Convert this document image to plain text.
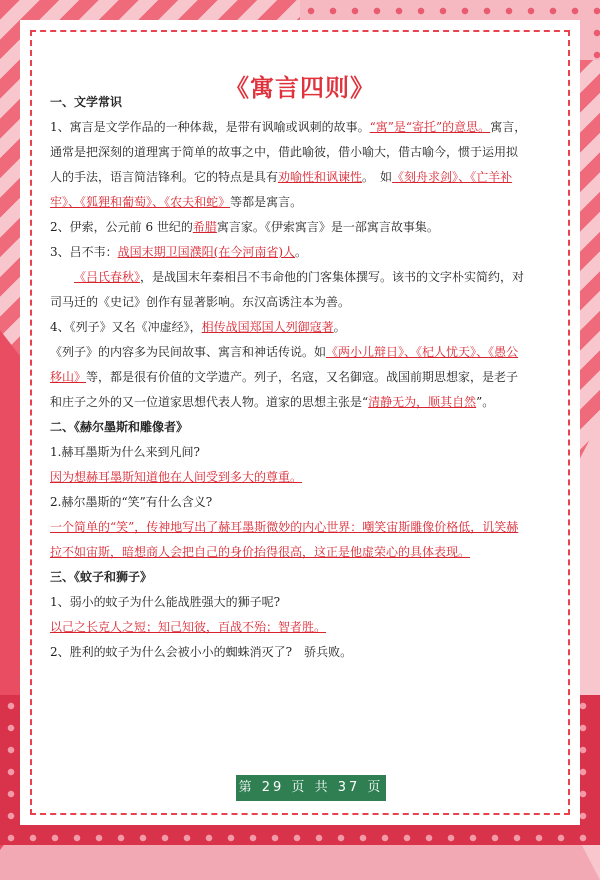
《寓言四则》

一、文学常识

1、寓言是文学作品的一种体裁，是带有讽喻或讽刺的故事。“寓”是“寄托”的意思。寓言，通常是把深刻的道理寓于简单的故事之中，借此喻彼，借小喻大，借古喻今，惯于运用拟人的手法，语言简洁锋利。它的特点是具有劝喻性和讽谏性。　如《刻舟求剑》、《亡羊补牢》、《狐狸和葡萄》、《农夫和蛇》等都是寓言。

2、伊索，公元前 6 世纪的希腊寓言家。《伊索寓言》是一部寓言故事集。

3、吕不韦：战国末期卫国濮阳(在今河南省)人。

《吕氏春秋》，是战国末年秦相吕不韦命他的门客集体撰写。该书的文字朴实简约，对司马迁的《史记》创作有显著影响。东汉高诱注本为善。

4、《列子》又名《冲虚经》，相传战国郑国人列御寇著。

《列子》的内容多为民间故事、寓言和神话传说。如《两小儿辩日》、《杞人忧天》、《愚公移山》等，都是很有价值的文学遗产。列子，名寇，又名御寇。战国前期思想家，是老子和庄子之外的又一位道家思想代表人物。道家的思想主张是“清静无为，顺其自然”。

二、《赫尔墨斯和雕像者》

1.赫耳墨斯为什么来到凡间?

因为想赫耳墨斯知道他在人间受到多大的尊重。

2.赫尔墨斯的“笑”有什么含义?

一个简单的“笑”，传神地写出了赫耳墨斯微妙的内心世界：嘲笑宙斯雕像价格低，讥笑赫拉不如宙斯，暗想商人会把自己的身价抬得很高，这正是他虚荣心的具体表现。

三、《蚊子和狮子》

1、弱小的蚊子为什么能战胜强大的狮子呢?

以己之长克人之短；知己知彼，百战不殆；智者胜。

2、胜利的蚊子为什么会被小小的蜘蛛消灭了?　骄兵败。

第 29 页 共 37 页
